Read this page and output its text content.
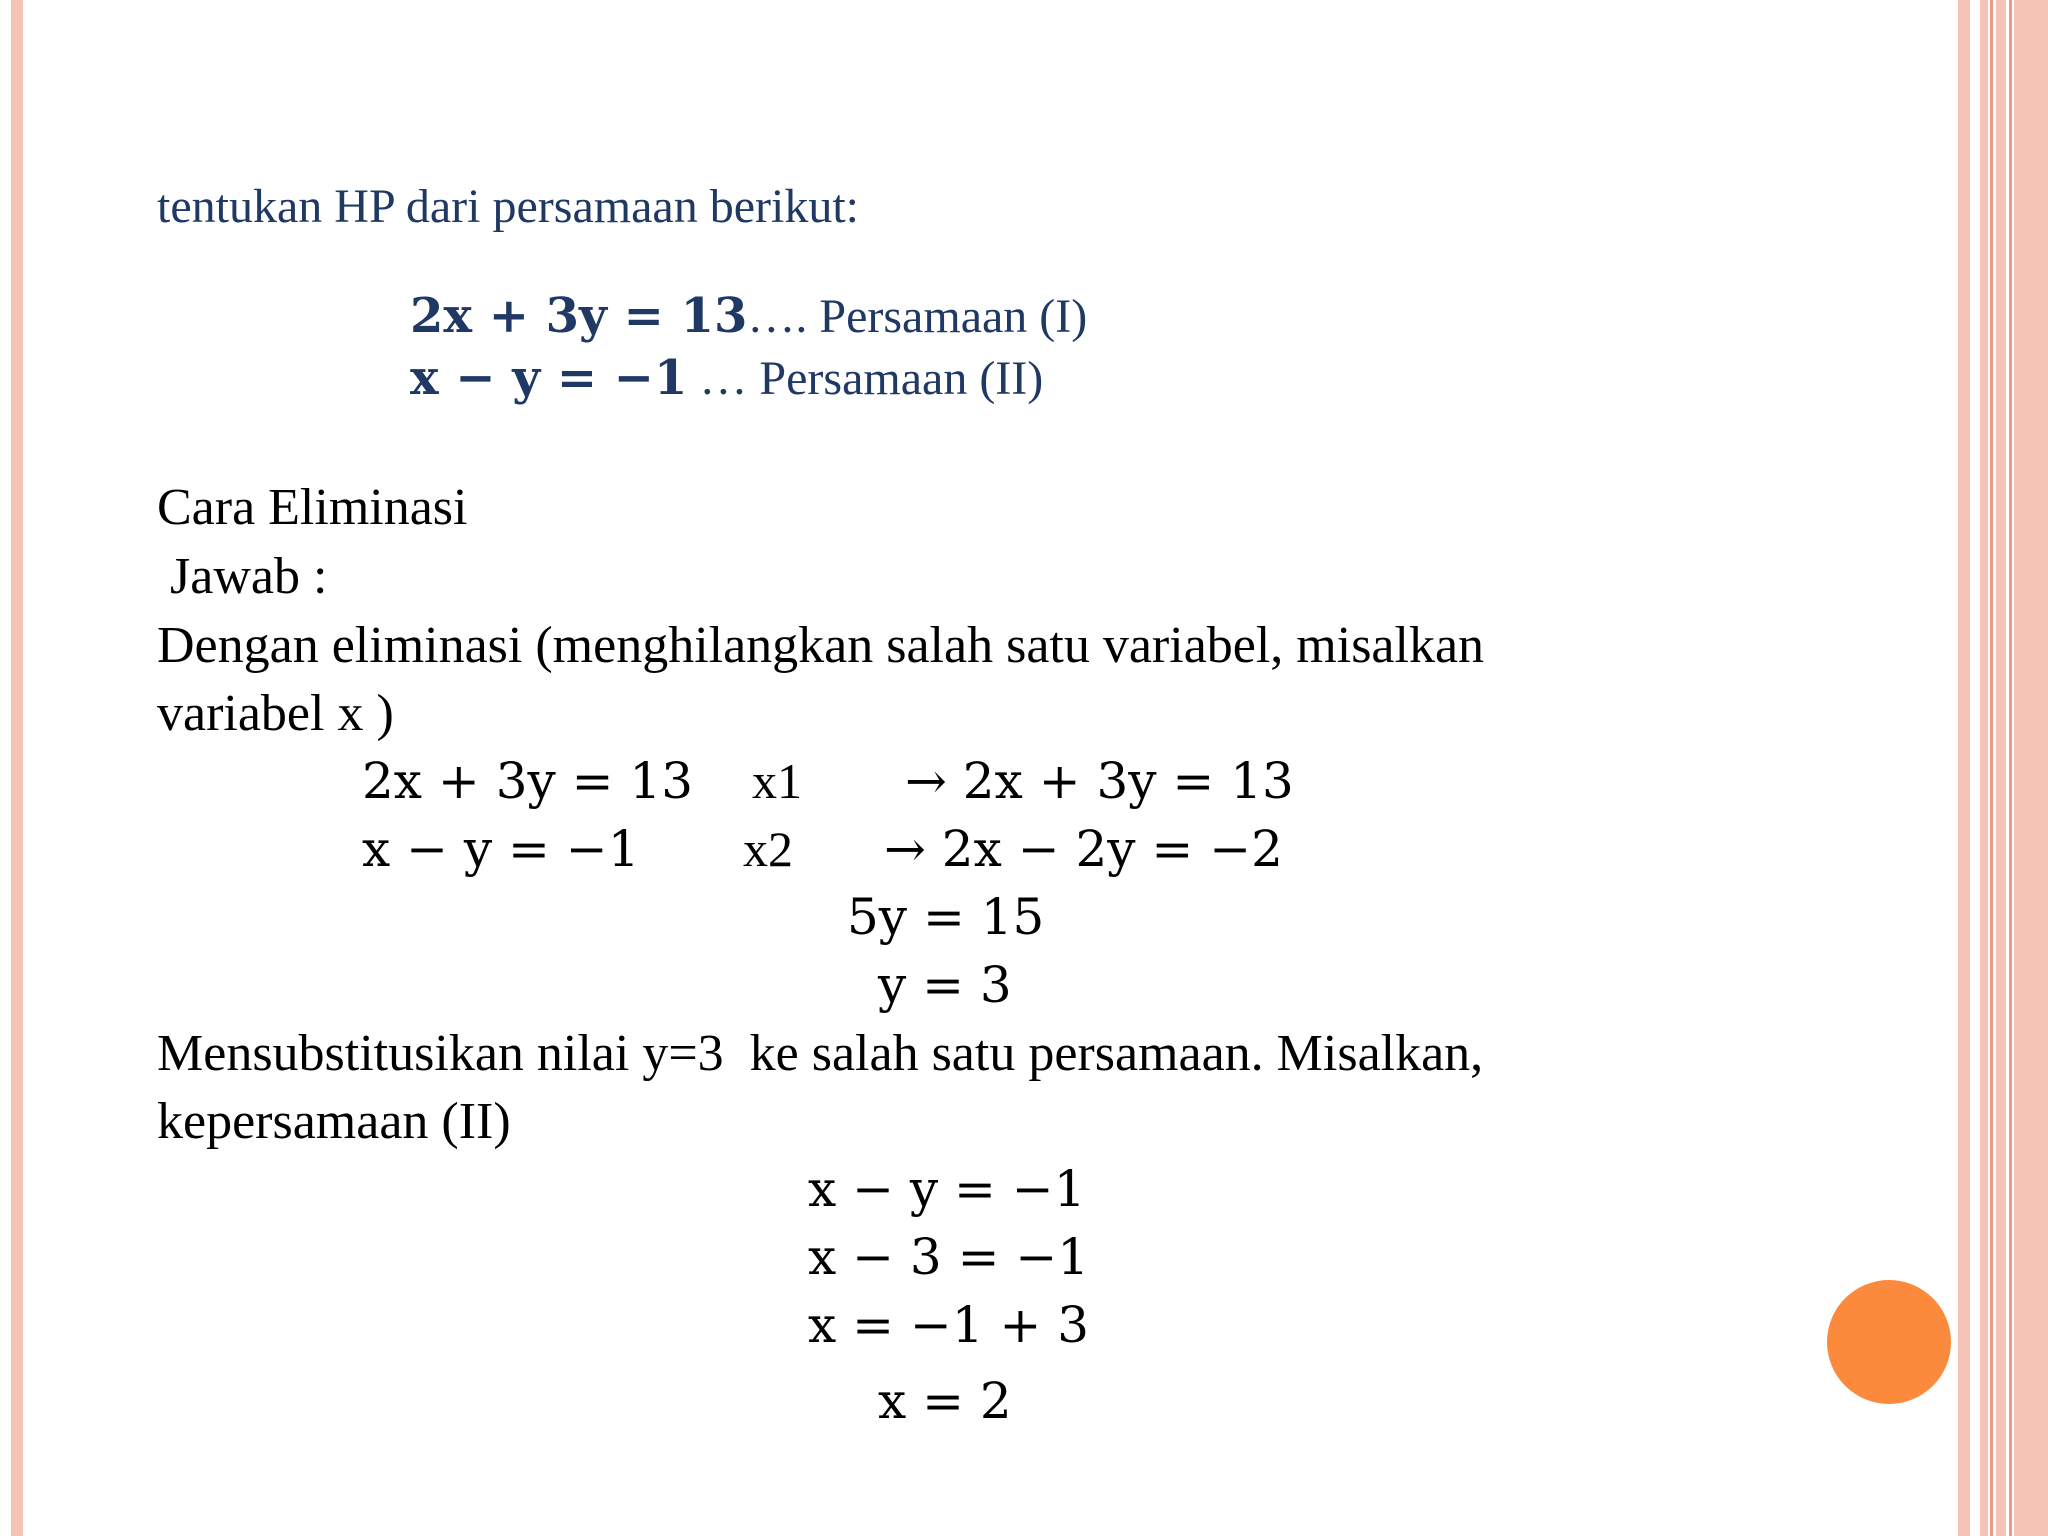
tentukan HP dari persamaan berikut:

2x + 3y = 13…. Persamaan (I)

x − y = −1 … Persamaan (II)

Cara Eliminasi
Jawab :
Dengan eliminasi (menghilangkan salah satu variabel, misalkan
variabel x )
2x + 3y = 13 x1 → 2x + 3y = 13
x − y = −1 x2 → 2x − 2y = −2
5y = 15
y = 3
Mensubstitusikan nilai y=3  ke salah satu persamaan. Misalkan,
kepersamaan (II)
x − y = −1
x − 3 = −1
x = −1 + 3
x = 2
